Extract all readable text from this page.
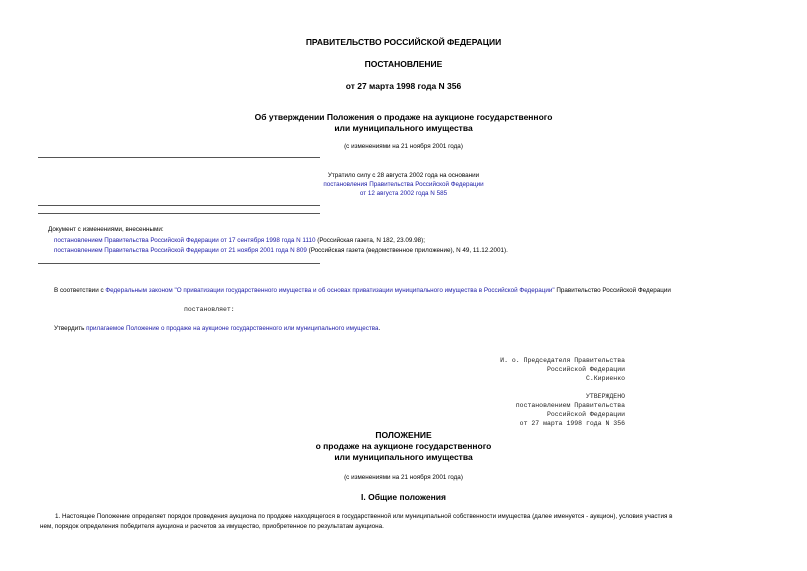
ПРАВИТЕЛЬСТВО РОССИЙСКОЙ ФЕДЕРАЦИИ
ПОСТАНОВЛЕНИЕ
от 27 марта 1998 года N 356
Об утверждении Положения о продаже на аукционе государственного
или муниципального имущества
(с изменениями на 21 ноября 2001 года)
Утратило силу с 28 августа 2002 года на основании
постановления Правительства Российской Федерации
от 12 августа 2002 года N 585
Документ с изменениями, внесенными:
постановлением Правительства Российской Федерации от 17 сентября 1998 года N 1110 (Российская газета, N 182, 23.09.98);
постановлением Правительства Российской Федерации от 21 ноября 2001 года N 809 (Российская газета (ведомственное приложение), N 49, 11.12.2001).
В соответствии с Федеральным законом "О приватизации государственного имущества и об основах приватизации муниципального имущества в Российской Федерации" Правительство Российской Федерации
постановляет:
Утвердить прилагаемое Положение о продаже на аукционе государственного или муниципального имущества.
И. о. Председателя Правительства
Российской Федерации
С.Кириенко
УТВЕРЖДЕНО
постановлением Правительства
Российской Федерации
от 27 марта 1998 года N 356
ПОЛОЖЕНИЕ
о продаже на аукционе государственного
или муниципального имущества
(с изменениями на 21 ноября 2001 года)
I. Общие положения
1. Настоящее Положение определяет порядок проведения аукциона по продаже находящегося в государственной или муниципальной собственности имущества (далее именуется - аукцион), условия участия в
нем, порядок определения победителя аукциона и расчетов за имущество, приобретенное по результатам аукциона.
